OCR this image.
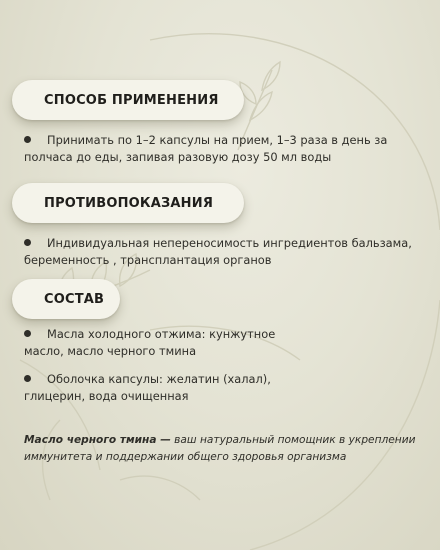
СПОСОБ ПРИМЕНЕНИЯ
Принимать по 1–2 капсулы на прием, 1–3 раза в день за полчаса до еды, запивая разовую дозу 50 мл воды
ПРОТИВОПОКАЗАНИЯ
Индивидуальная непереносимость ингредиентов бальзама, беременность , трансплантация органов
СОСТАВ
Масла холодного отжима: кунжутное масло, масло черного тмина
Оболочка капсулы: желатин (халал), глицерин, вода очищенная
Масло черного тмина — ваш натуральный помощник в укреплении иммунитета и поддержании общего здоровья организма
